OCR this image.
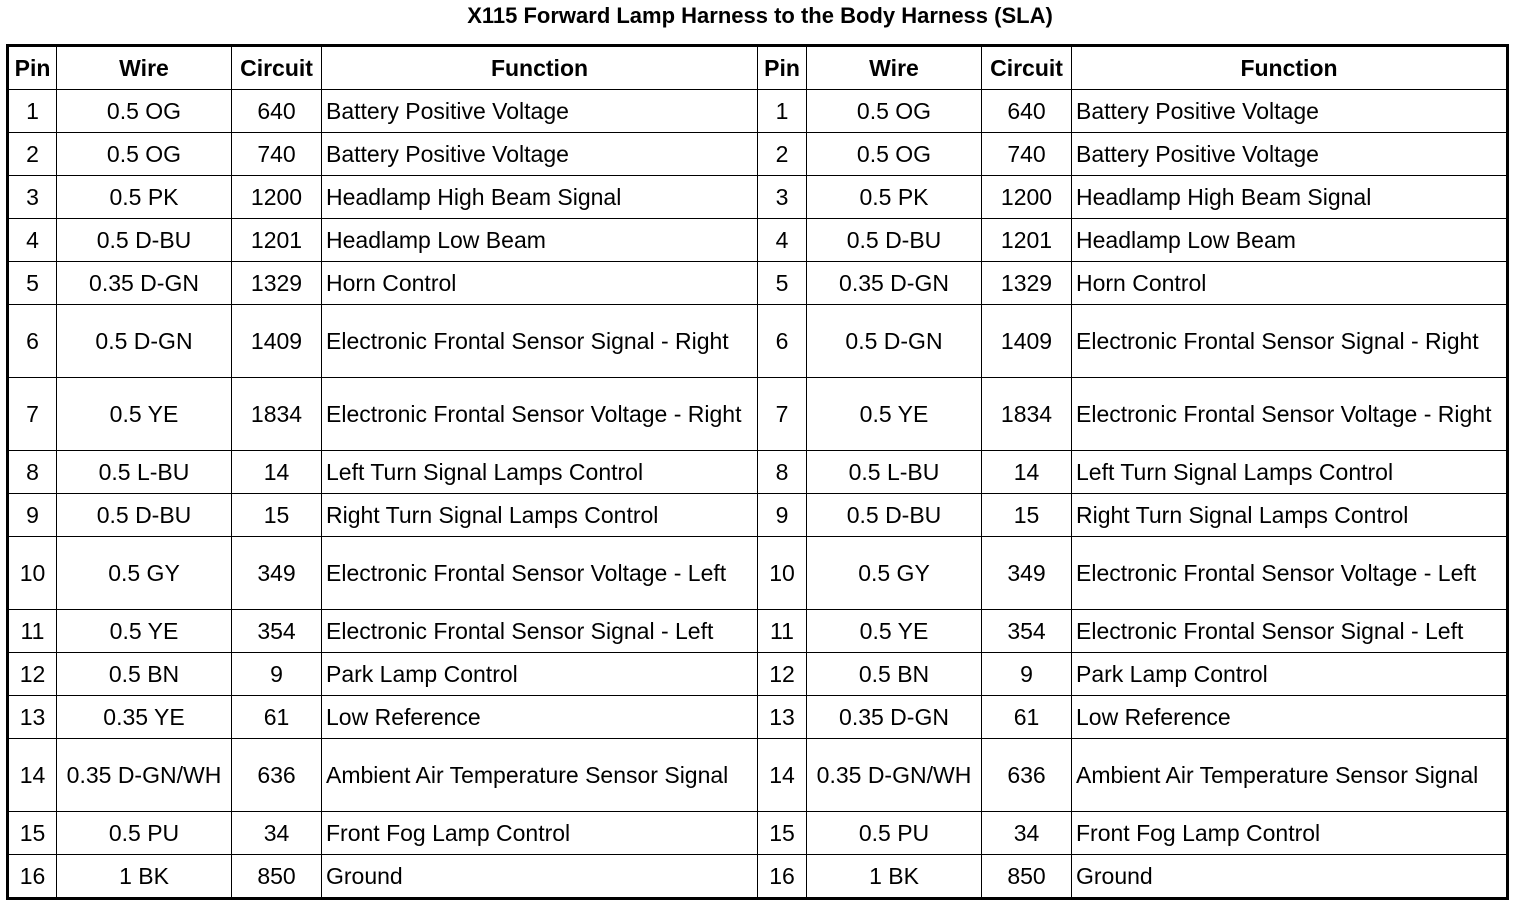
X115 Forward Lamp Harness to the Body Harness (SLA)
Pin	Wire	Circuit	Function	Pin	Wire	Circuit	Function
1	0.5 OG	640	Battery Positive Voltage	1	0.5 OG	640	Battery Positive Voltage
2	0.5 OG	740	Battery Positive Voltage	2	0.5 OG	740	Battery Positive Voltage
3	0.5 PK	1200	Headlamp High Beam Signal	3	0.5 PK	1200	Headlamp High Beam Signal
4	0.5 D-BU	1201	Headlamp Low Beam	4	0.5 D-BU	1201	Headlamp Low Beam
5	0.35 D-GN	1329	Horn Control	5	0.35 D-GN	1329	Horn Control
6	0.5 D-GN	1409	Electronic Frontal Sensor Signal - Right	6	0.5 D-GN	1409	Electronic Frontal Sensor Signal - Right
7	0.5 YE	1834	Electronic Frontal Sensor Voltage - Right	7	0.5 YE	1834	Electronic Frontal Sensor Voltage - Right
8	0.5 L-BU	14	Left Turn Signal Lamps Control	8	0.5 L-BU	14	Left Turn Signal Lamps Control
9	0.5 D-BU	15	Right Turn Signal Lamps Control	9	0.5 D-BU	15	Right Turn Signal Lamps Control
10	0.5 GY	349	Electronic Frontal Sensor Voltage - Left	10	0.5 GY	349	Electronic Frontal Sensor Voltage - Left
11	0.5 YE	354	Electronic Frontal Sensor Signal - Left	11	0.5 YE	354	Electronic Frontal Sensor Signal - Left
12	0.5 BN	9	Park Lamp Control	12	0.5 BN	9	Park Lamp Control
13	0.35 YE	61	Low Reference	13	0.35 D-GN	61	Low Reference
14	0.35 D-GN/WH	636	Ambient Air Temperature Sensor Signal	14	0.35 D-GN/WH	636	Ambient Air Temperature Sensor Signal
15	0.5 PU	34	Front Fog Lamp Control	15	0.5 PU	34	Front Fog Lamp Control
16	1 BK	850	Ground	16	1 BK	850	Ground
